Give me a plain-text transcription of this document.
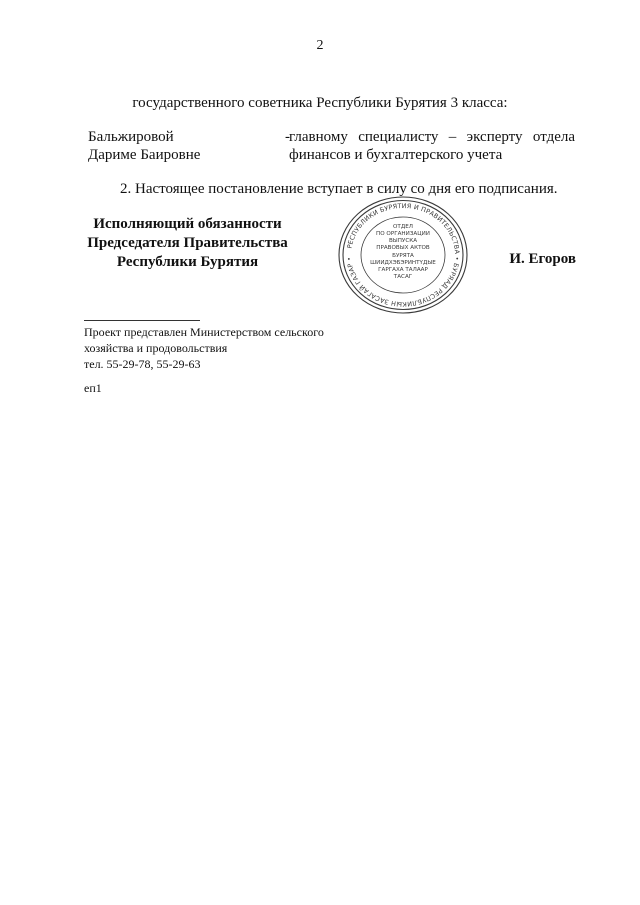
2
государственного советника Республики Бурятия 3 класса:
Бальжировой
Дариме Баировне
- главному специалисту – эксперту отдела
финансов и бухгалтерского учета
2. Настоящее постановление вступает в силу со дня его подписания.
Исполняющий обязанности
Председателя Правительства
Республики Бурятия
РЕСПУБЛИКИ БУРЯТИЯ И ПРАВИТЕЛЬСТВА • БУРЯАД РЕСПУБЛИКЫН ЗАСАГАЙ ГАЗАР •
ОТДЕЛ
ПО ОРГАНИЗАЦИИ
ВЫПУСКА
ПРАВОВЫХ АКТОВ
БУРЯТА
ШИИДХЭБЭРИНТҮДЫЕ
ГАРГАХА ТАЛААР
ТАСАГ
И. Егоров
Проект представлен Министерством сельского
хозяйства и продовольствия
тел. 55-29-78, 55-29-63
еп1
